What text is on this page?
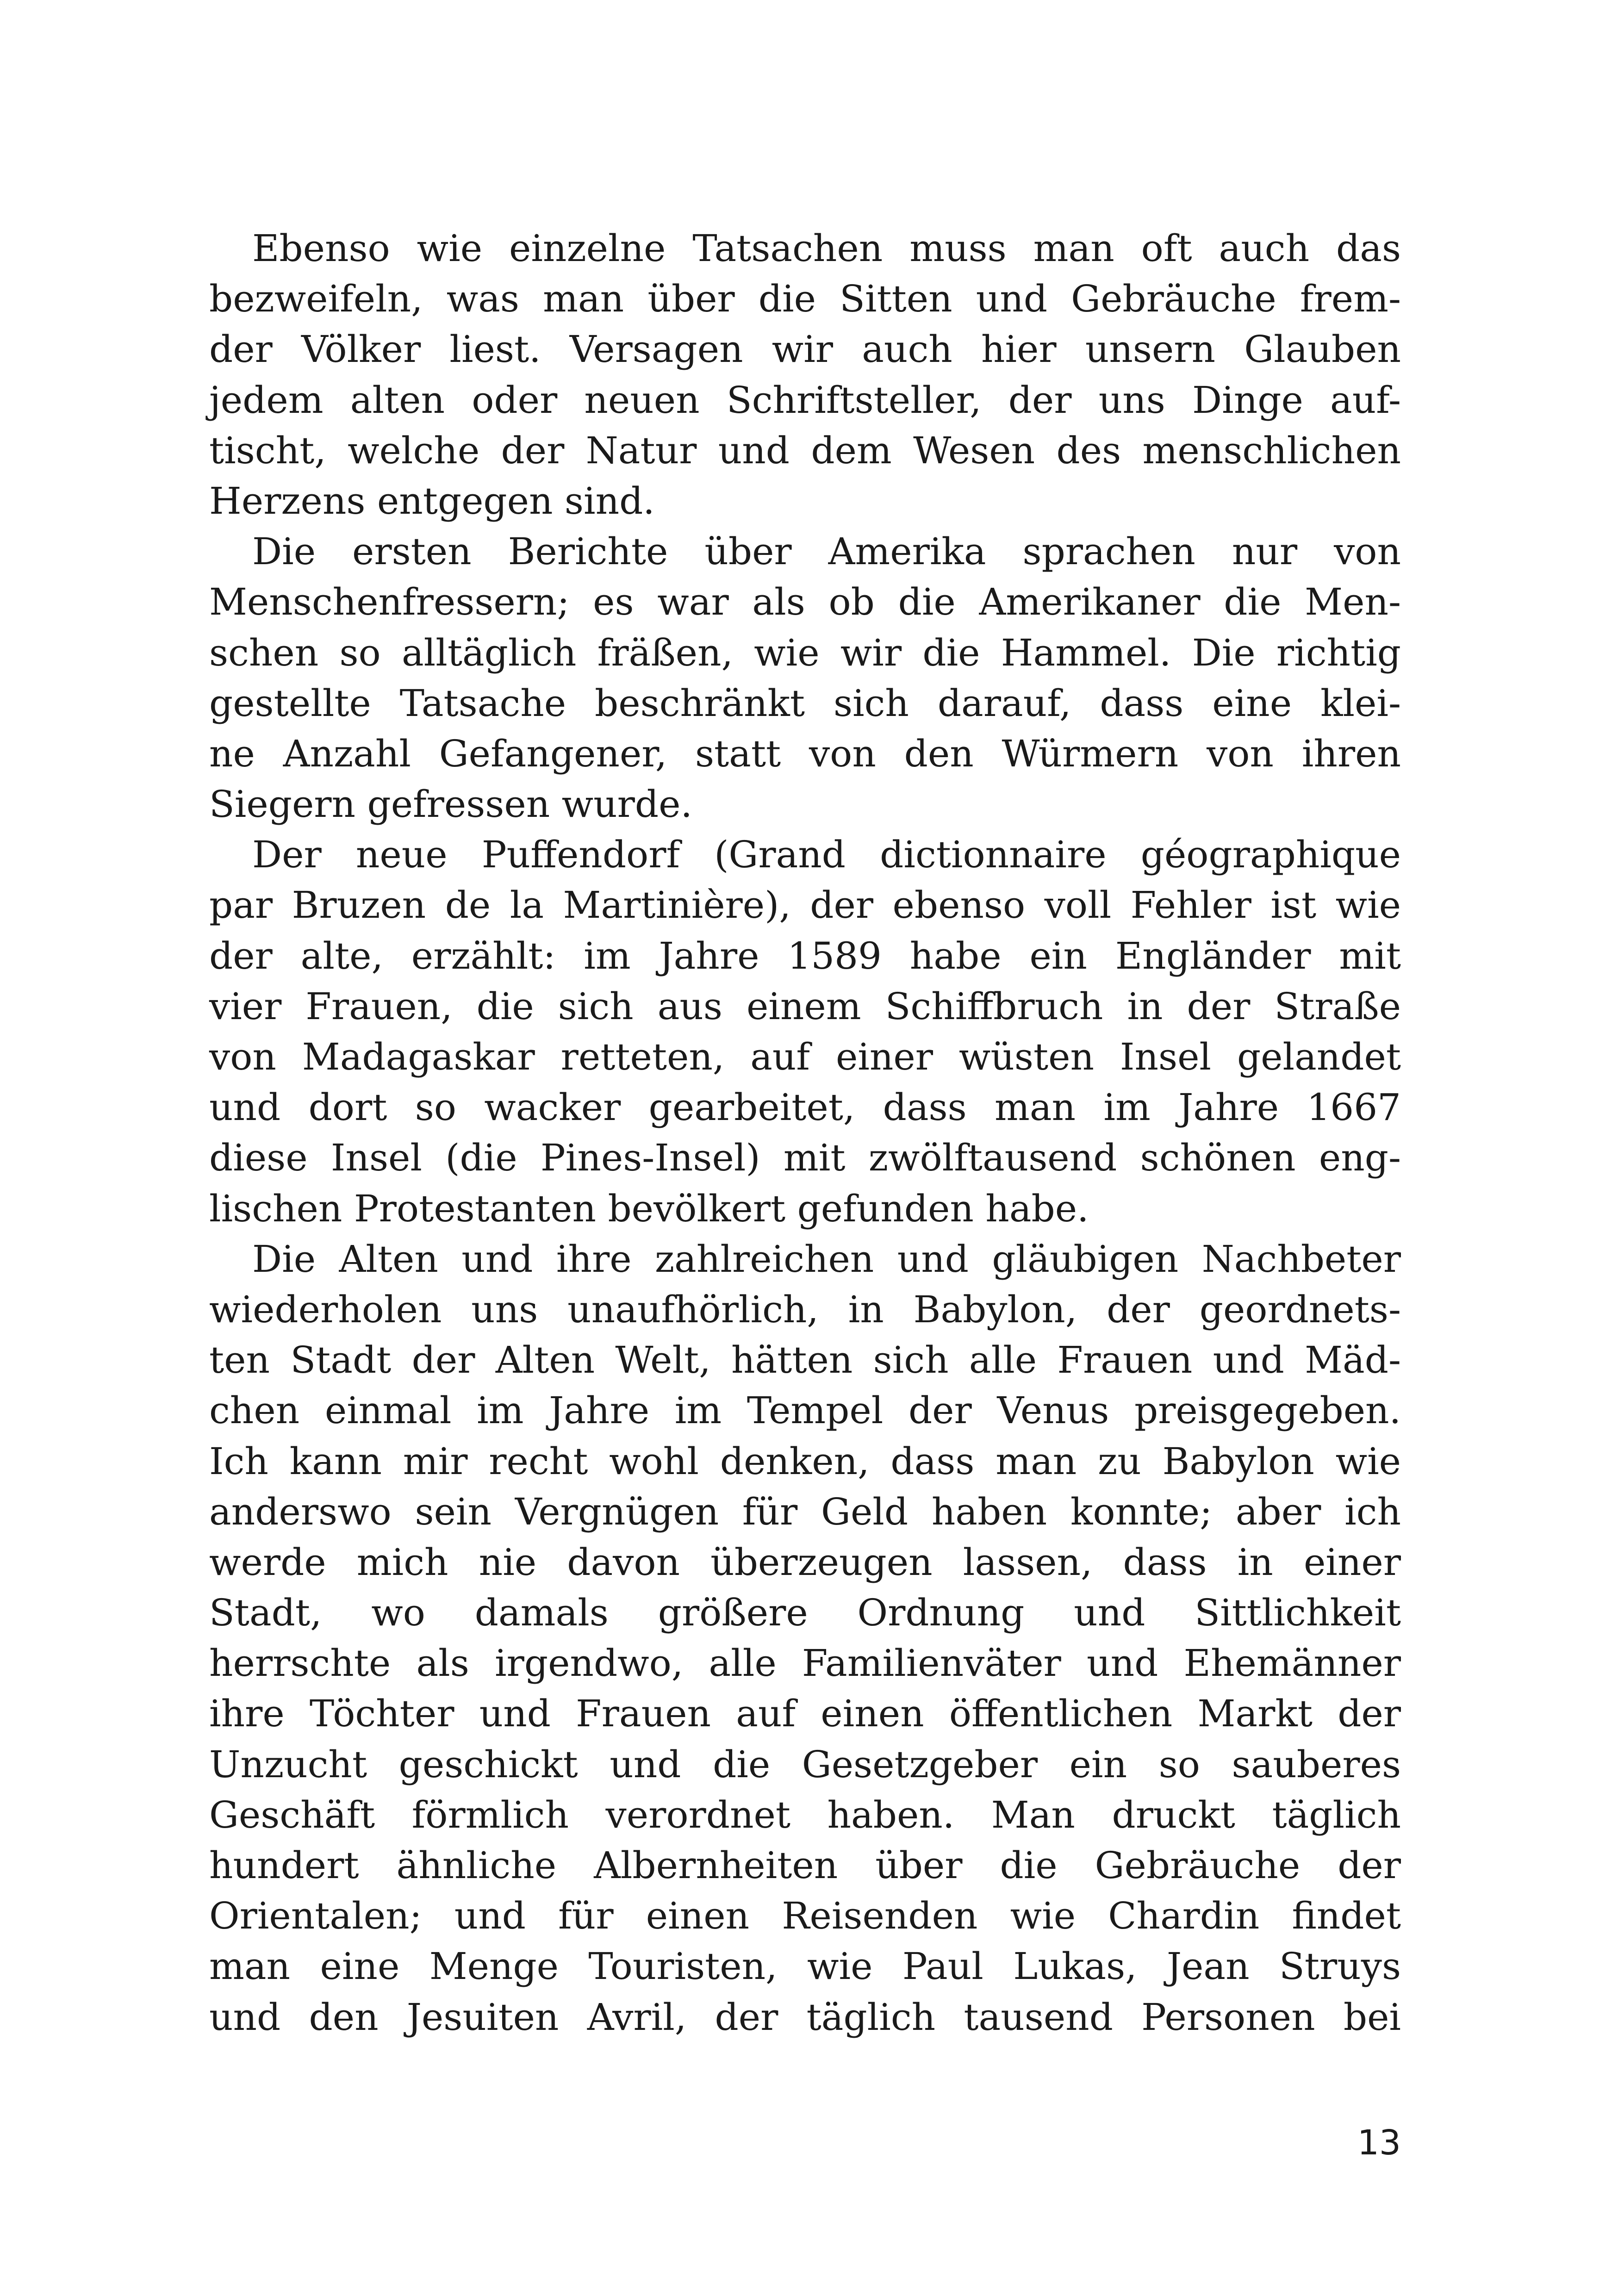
Ebenso wie einzelne Tatsachen muss man oft auch das
bezweifeln, was man über die Sitten und Gebräuche frem-
der Völker liest. Versagen wir auch hier unsern Glauben
jedem alten oder neuen Schriftsteller, der uns Dinge auf-
tischt, welche der Natur und dem Wesen des menschlichen
Herzens entgegen sind.
Die ersten Berichte über Amerika sprachen nur von
Menschenfressern; es war als ob die Amerikaner die Men-
schen so alltäglich fräßen, wie wir die Hammel. Die richtig
gestellte Tatsache beschränkt sich darauf, dass eine klei-
ne Anzahl Gefangener, statt von den Würmern von ihren
Siegern gefressen wurde.
Der neue Puffendorf (Grand dictionnaire géographique
par Bruzen de la Martinière), der ebenso voll Fehler ist wie
der alte, erzählt: im Jahre 1589 habe ein Engländer mit
vier Frauen, die sich aus einem Schiffbruch in der Straße
von Madagaskar retteten, auf einer wüsten Insel gelandet
und dort so wacker gearbeitet, dass man im Jahre 1667
diese Insel (die Pines-Insel) mit zwölftausend schönen eng-
lischen Protestanten bevölkert gefunden habe.
Die Alten und ihre zahlreichen und gläubigen Nachbeter
wiederholen uns unaufhörlich, in Babylon, der geordnets-
ten Stadt der Alten Welt, hätten sich alle Frauen und Mäd-
chen einmal im Jahre im Tempel der Venus preisgegeben.
Ich kann mir recht wohl denken, dass man zu Babylon wie
anderswo sein Vergnügen für Geld haben konnte; aber ich
werde mich nie davon überzeugen lassen, dass in einer
Stadt, wo damals größere Ordnung und Sittlichkeit
herrschte als irgendwo, alle Familienväter und Ehemänner
ihre Töchter und Frauen auf einen öffentlichen Markt der
Unzucht geschickt und die Gesetzgeber ein so sauberes
Geschäft förmlich verordnet haben. Man druckt täglich
hundert ähnliche Albernheiten über die Gebräuche der
Orientalen; und für einen Reisenden wie Chardin findet
man eine Menge Touristen, wie Paul Lukas, Jean Struys
und den Jesuiten Avril, der täglich tausend Personen bei
13
